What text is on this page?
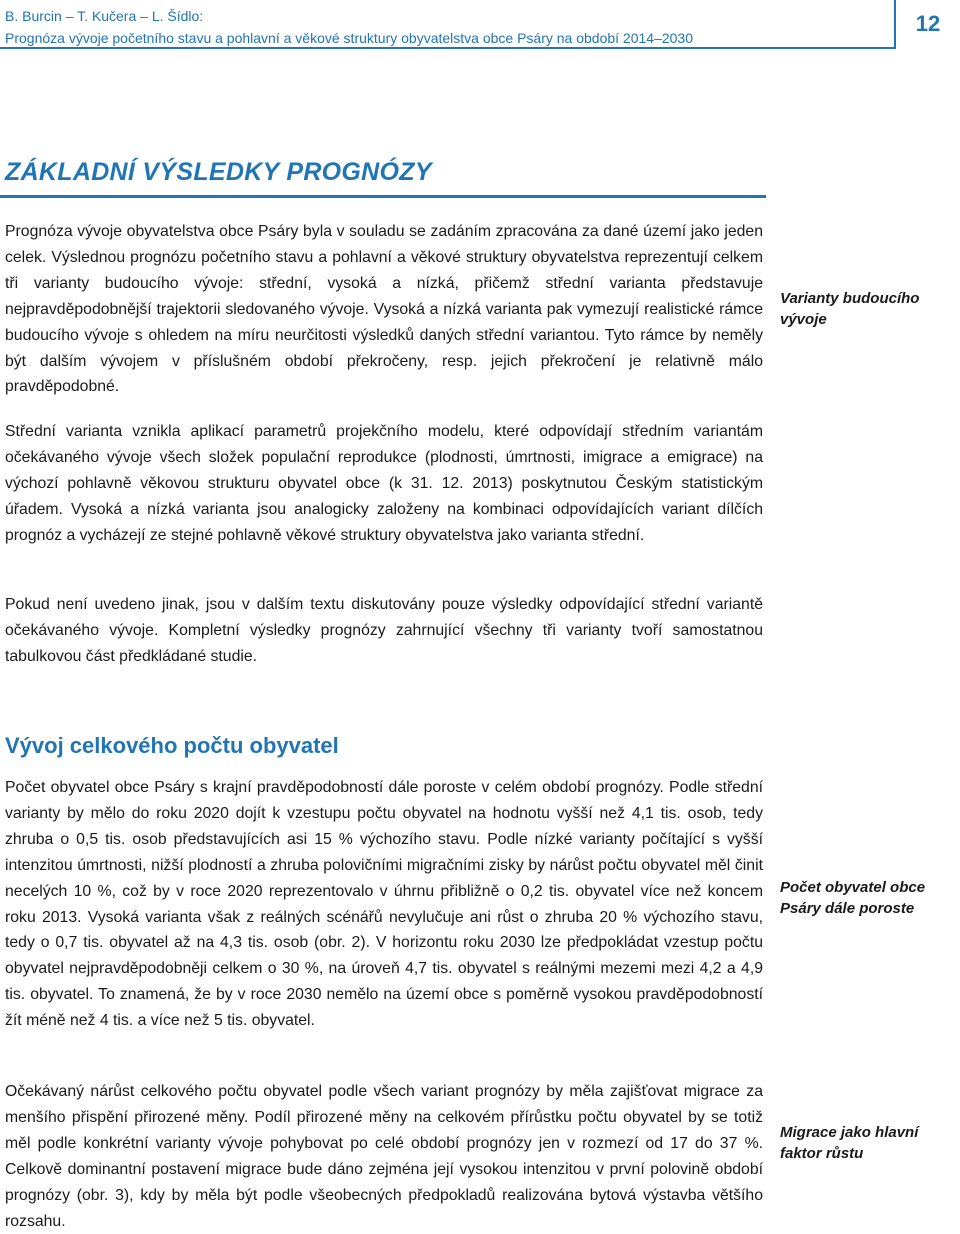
B. Burcin – T. Kučera – L. Šídlo:
Prognóza vývoje početního stavu a pohlavní a věkové struktury obyvatelstva obce Psáry na období 2014–2030
12
ZÁKLADNÍ VÝSLEDKY PROGNÓZY

Prognóza vývoje obyvatelstva obce Psáry byla v souladu se zadáním zpracována za dané území jako jeden celek. Výslednou prognózu početního stavu a pohlavní a věkové struktury obyvatelstva reprezentují celkem tři varianty budoucího vývoje: střední, vysoká a nízká, přičemž střední varianta představuje nejpravděpodobnější trajektorii sledovaného vývoje. Vysoká a nízká varianta pak vymezují realistické rámce budoucího vývoje s ohledem na míru neurčitosti výsledků daných střední variantou. Tyto rámce by neměly být dalším vývojem v příslušném období překročeny, resp. jejich překročení je relativně málo pravděpodobné.

Varianty budoucího vývoje

Střední varianta vznikla aplikací parametrů projekčního modelu, které odpovídají středním variantám očekávaného vývoje všech složek populační reprodukce (plodnosti, úmrtnosti, imigrace a emigrace) na výchozí pohlavně věkovou strukturu obyvatel obce (k 31. 12. 2013) poskytnutou Českým statistickým úřadem. Vysoká a nízká varianta jsou analogicky založeny na kombinaci odpovídajících variant dílčích prognóz a vycházejí ze stejné pohlavně věkové struktury obyvatelstva jako varianta střední.

Pokud není uvedeno jinak, jsou v dalším textu diskutovány pouze výsledky odpovídající střední variantě očekávaného vývoje. Kompletní výsledky prognózy zahrnující všechny tři varianty tvoří samostatnou tabulkovou část předkládané studie.

Vývoj celkového počtu obyvatel

Počet obyvatel obce Psáry s krajní pravděpodobností dále poroste v celém období prognózy. Podle střední varianty by mělo do roku 2020 dojít k vzestupu počtu obyvatel na hodnotu vyšší než 4,1 tis. osob, tedy zhruba o 0,5 tis. osob představujících asi 15 % výchozího stavu. Podle nízké varianty počítající s vyšší intenzitou úmrtnosti, nižší plodností a zhruba polovičními migračními zisky by nárůst počtu obyvatel měl činit necelých 10 %, což by v roce 2020 reprezentovalo v úhrnu přibližně o 0,2 tis. obyvatel více než koncem roku 2013. Vysoká varianta však z reálných scénářů nevylučuje ani růst o zhruba 20 % výchozího stavu, tedy o 0,7 tis. obyvatel až na 4,3 tis. osob (obr. 2). V horizontu roku 2030 lze předpokládat vzestup počtu obyvatel nejpravděpodobněji celkem o 30 %, na úroveň 4,7 tis. obyvatel s reálnými mezemi mezi 4,2 a 4,9 tis. obyvatel. To znamená, že by v roce 2030 nemělo na území obce s poměrně vysokou pravděpodobností žít méně než 4 tis. a více než 5 tis. obyvatel.

Počet obyvatel obce Psáry dále poroste

Očekávaný nárůst celkového počtu obyvatel podle všech variant prognózy by měla zajišťovat migrace za menšího přispění přirozené měny. Podíl přirozené měny na celkovém přírůstku počtu obyvatel by se totiž měl podle konkrétní varianty vývoje pohybovat po celé období prognózy jen v rozmezí od 17 do 37 %. Celkově dominantní postavení migrace bude dáno zejména její vysokou intenzitou v první polovině období prognózy (obr. 3), kdy by měla být podle všeobecných předpokladů realizována bytová výstavba většího rozsahu.

Migrace jako hlavní faktor růstu
